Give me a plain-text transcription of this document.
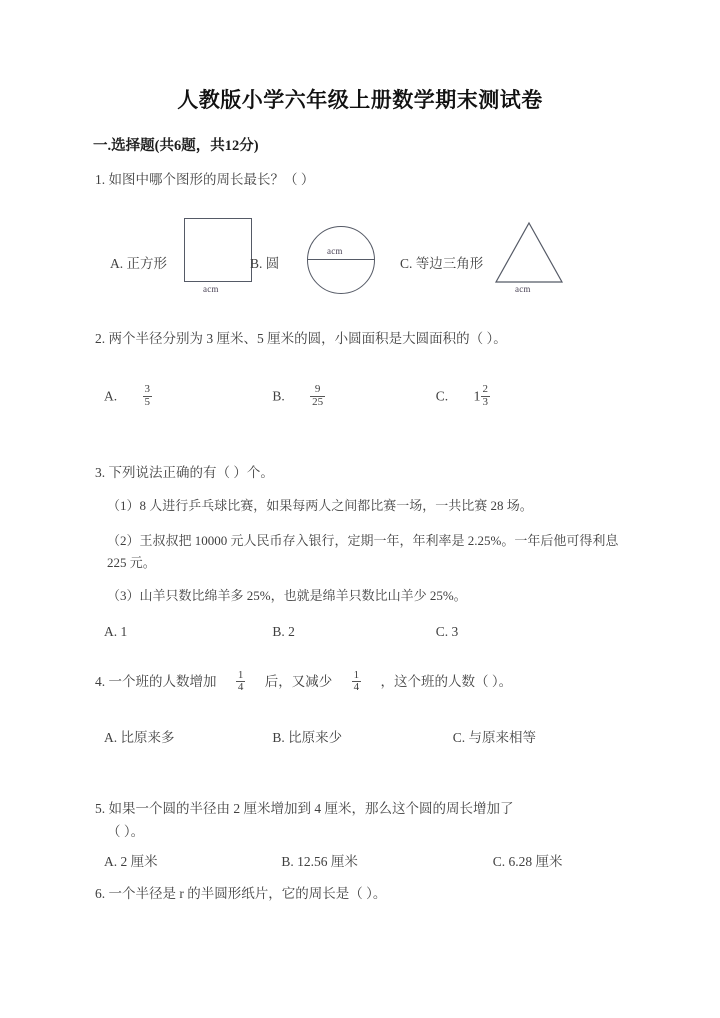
人教版小学六年级上册数学期末测试卷
一.选择题(共6题，共12分)
1. 如图中哪个图形的周长最长？（ ）
A. 正方形
acm
B. 圆
acm
C. 等边三角形
acm
2. 两个半径分别为 3 厘米、5 厘米的圆，小圆面积是大圆面积的（ ）。
A. $\frac{3}{5}$	B. $\frac{9}{25}$	C. $1 \frac{2}{3}$
3. 下列说法正确的有（ ）个。
（1）8 人进行乒乓球比赛，如果每两人之间都比赛一场，一共比赛 28 场。
（2）王叔叔把 10000 元人民币存入银行，定期一年，年利率是 2.25%。一年后他可得利息 225 元。
（3）山羊只数比绵羊多 25%，也就是绵羊只数比山羊少 25%。
A. 1	B. 2	C. 3
4. 一个班的人数增加 $\frac{1}{4}$ 后，又减少 $\frac{1}{4}$ ，这个班的人数（ ）。
A. 比原来多	B. 比原来少	C. 与原来相等
5. 如果一个圆的半径由 2 厘米增加到 4 厘米，那么这个圆的周长增加了
（ ）。
A. 2 厘米	B. 12.56 厘米	C. 6.28 厘米
6. 一个半径是 r 的半圆形纸片，它的周长是（ ）。
